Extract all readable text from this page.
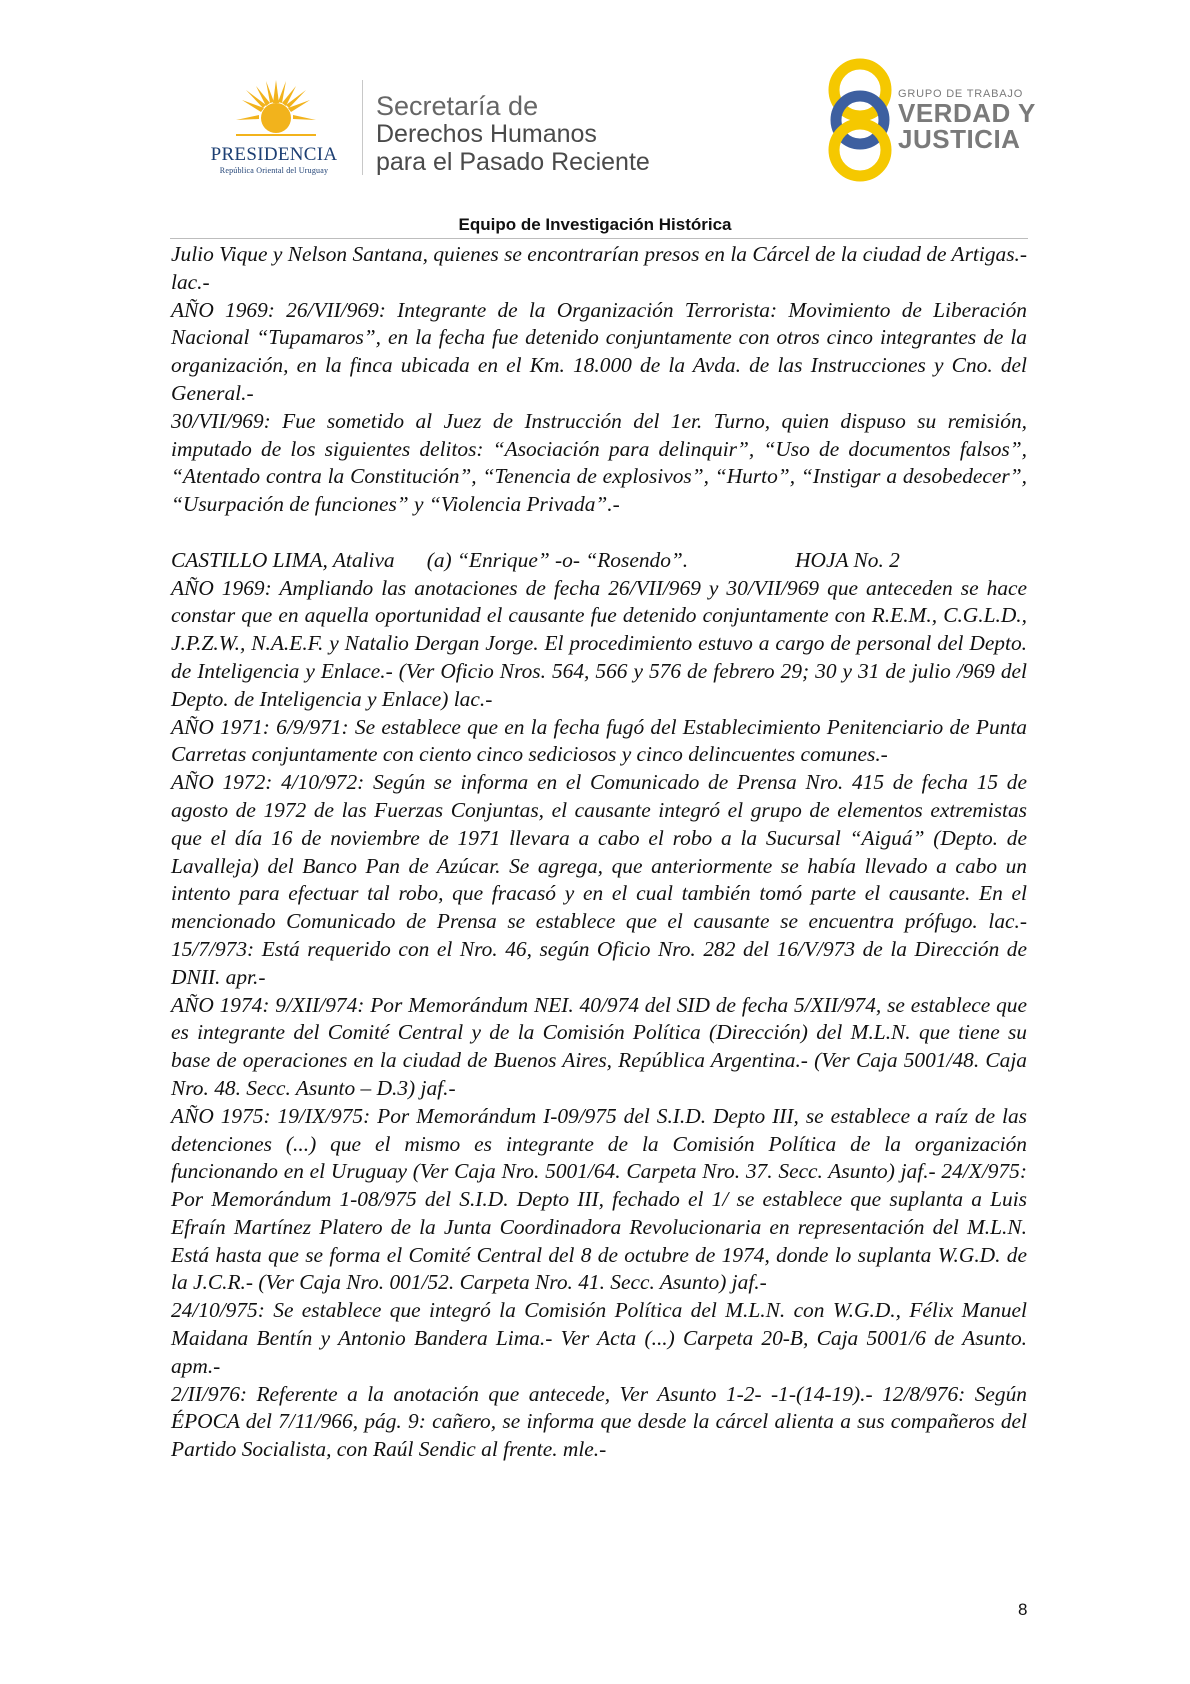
PRESIDENCIA
República Oriental del Uruguay
Secretaría de
Derechos Humanos
para el Pasado Reciente
GRUPO DE TRABAJO
VERDAD Y
JUSTICIA
Equipo de Investigación Histórica

Julio Vique y Nelson Santana, quienes se encontrarían presos en la Cárcel de la ciudad de Artigas.-lac.-

AÑO 1969: 26/VII/969: Integrante de la Organización Terrorista: Movimiento de Liberación Nacional “Tupamaros”, en la fecha fue detenido conjuntamente con otros cinco integrantes de la organización, en la finca ubicada en el Km. 18.000 de la Avda. de las Instrucciones y Cno. del General.-

30/VII/969: Fue sometido al Juez de Instrucción del 1er. Turno, quien dispuso su remisión, imputado de los siguientes delitos: “Asociación para delinquir”, “Uso de documentos falsos”, “Atentado contra la Constitución”, “Tenencia de explosivos”, “Hurto”, “Instigar a desobedecer”, “Usurpación de funciones” y “Violencia Privada”.-

CASTILLO LIMA, Ataliva      (a) “Enrique” -o- “Rosendo”.                    HOJA No. 2

AÑO 1969: Ampliando las anotaciones de fecha 26/VII/969 y 30/VII/969 que anteceden se hace constar que en aquella oportunidad el causante fue detenido conjuntamente con R.E.M., C.G.L.D., J.P.Z.W., N.A.E.F. y Natalio Dergan Jorge. El procedimiento estuvo a cargo de personal del Depto. de Inteligencia y Enlace.- (Ver Oficio Nros. 564, 566 y 576 de febrero 29; 30 y 31 de julio /969 del Depto. de Inteligencia y Enlace) lac.-

AÑO 1971: 6/9/971: Se establece que en la fecha fugó del Establecimiento Penitenciario de Punta Carretas conjuntamente con ciento cinco sediciosos y cinco delincuentes comunes.-

AÑO 1972: 4/10/972: Según se informa en el Comunicado de Prensa Nro. 415 de fecha 15 de agosto de 1972 de las Fuerzas Conjuntas, el causante integró el grupo de elementos extremistas que el día 16 de noviembre de 1971 llevara a cabo el robo a la Sucursal “Aiguá” (Depto. de Lavalleja) del Banco Pan de Azúcar. Se agrega, que anteriormente se había llevado a cabo un intento para efectuar tal robo, que fracasó y en el cual también tomó parte el causante. En el mencionado Comunicado de Prensa se establece que el causante se encuentra prófugo. lac.- 15/7/973: Está requerido con el Nro. 46, según Oficio Nro. 282 del 16/V/973 de la Dirección de DNII. apr.-

AÑO 1974: 9/XII/974: Por Memorándum NEI. 40/974 del SID de fecha 5/XII/974, se establece que es integrante del Comité Central y de la Comisión Política (Dirección) del M.L.N. que tiene su base de operaciones en la ciudad de Buenos Aires, República Argentina.- (Ver Caja 5001/48. Caja Nro. 48. Secc. Asunto – D.3) jaf.-

AÑO 1975: 19/IX/975: Por Memorándum I-09/975 del S.I.D. Depto III, se establece a raíz de las detenciones (...) que el mismo es integrante de la Comisión Política de la organización funcionando en el Uruguay (Ver Caja Nro. 5001/64. Carpeta Nro. 37. Secc. Asunto) jaf.- 24/X/975: Por Memorándum 1-08/975 del S.I.D. Depto III, fechado el 1/ se establece que suplanta a Luis Efraín Martínez Platero de la Junta Coordinadora Revolucionaria en representación del M.L.N. Está hasta que se forma el Comité Central del 8 de octubre de 1974, donde lo suplanta W.G.D. de la J.C.R.- (Ver Caja Nro. 001/52. Carpeta Nro. 41. Secc. Asunto) jaf.-

24/10/975: Se establece que integró la Comisión Política del M.L.N. con W.G.D., Félix Manuel Maidana Bentín y Antonio Bandera Lima.- Ver Acta (...) Carpeta 20-B, Caja 5001/6 de Asunto. apm.-

2/II/976: Referente a la anotación que antecede, Ver Asunto 1-2- -1-(14-19).- 12/8/976: Según ÉPOCA del 7/11/966, pág. 9: cañero, se informa que desde la cárcel alienta a sus compañeros del Partido Socialista, con Raúl Sendic al frente. mle.-

8
